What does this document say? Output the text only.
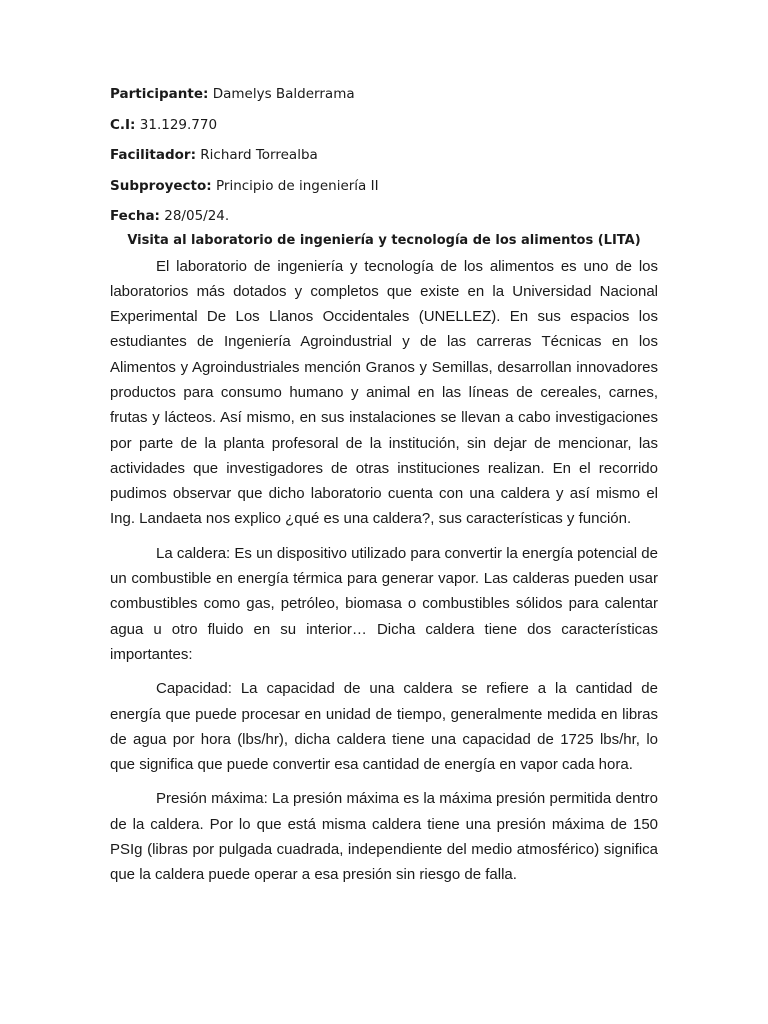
Participante: Damelys Balderrama
C.I: 31.129.770
Facilitador: Richard Torrealba
Subproyecto: Principio de ingeniería II
Fecha: 28/05/24.
Visita al laboratorio de ingeniería y tecnología de los alimentos (LITA)

El laboratorio de ingeniería y tecnología de los alimentos es uno de los laboratorios más dotados y completos que existe en la Universidad Nacional Experimental De Los Llanos Occidentales (UNELLEZ). En sus espacios los estudiantes de Ingeniería Agroindustrial y de las carreras Técnicas en los Alimentos y Agroindustriales mención Granos y Semillas, desarrollan innovadores productos para consumo humano y animal en las líneas de cereales, carnes, frutas y lácteos. Así mismo, en sus instalaciones se llevan a cabo investigaciones por parte de la planta profesoral de la institución, sin dejar de mencionar, las actividades que investigadores de otras instituciones realizan. En el recorrido pudimos observar que dicho laboratorio cuenta con una caldera y así mismo el Ing. Landaeta nos explico ¿qué es una caldera?, sus características y función.

La caldera: Es un dispositivo utilizado para convertir la energía potencial de un combustible en energía térmica para generar vapor. Las calderas pueden usar combustibles como gas, petróleo, biomasa o combustibles sólidos para calentar agua u otro fluido en su interior… Dicha caldera tiene dos características importantes:

Capacidad: La capacidad de una caldera se refiere a la cantidad de energía que puede procesar en unidad de tiempo, generalmente medida en libras de agua por hora (lbs/hr), dicha caldera tiene una capacidad de 1725 lbs/hr, lo que significa que puede convertir esa cantidad de energía en vapor cada hora.

Presión máxima: La presión máxima es la máxima presión permitida dentro de la caldera. Por lo que está misma caldera tiene una presión máxima de 150 PSIg (libras por pulgada cuadrada, independiente del medio atmosférico) significa que la caldera puede operar a esa presión sin riesgo de falla.
